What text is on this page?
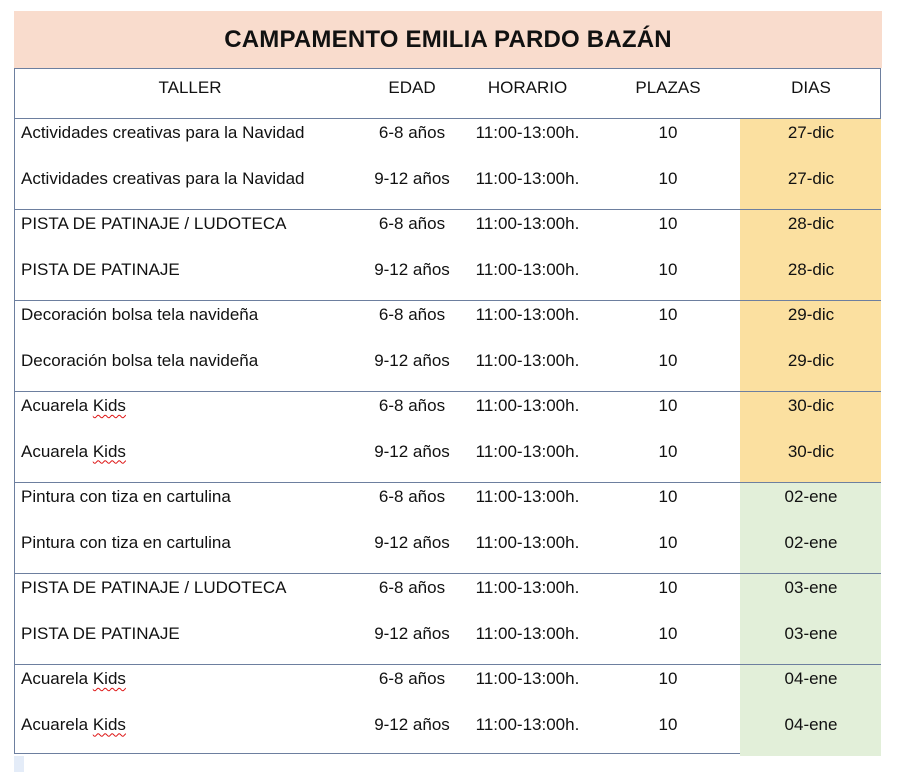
CAMPAMENTO EMILIA PARDO BAZÁN
TALLER	EDAD	HORARIO	PLAZAS	DIAS
Actividades creativas para la Navidad	6-8 años	11:00-13:00h.	10	27-dic
Actividades creativas para la Navidad	9-12 años	11:00-13:00h.	10	27-dic
PISTA DE PATINAJE / LUDOTECA	6-8 años	11:00-13:00h.	10	28-dic
PISTA DE PATINAJE	9-12 años	11:00-13:00h.	10	28-dic
Decoración bolsa tela navideña	6-8 años	11:00-13:00h.	10	29-dic
Decoración bolsa tela navideña	9-12 años	11:00-13:00h.	10	29-dic
Acuarela Kids	6-8 años	11:00-13:00h.	10	30-dic
Acuarela Kids	9-12 años	11:00-13:00h.	10	30-dic
Pintura con tiza en cartulina	6-8 años	11:00-13:00h.	10	02-ene
Pintura con tiza en cartulina	9-12 años	11:00-13:00h.	10	02-ene
PISTA DE PATINAJE / LUDOTECA	6-8 años	11:00-13:00h.	10	03-ene
PISTA DE PATINAJE	9-12 años	11:00-13:00h.	10	03-ene
Acuarela Kids	6-8 años	11:00-13:00h.	10	04-ene
Acuarela Kids	9-12 años	11:00-13:00h.	10	04-ene
